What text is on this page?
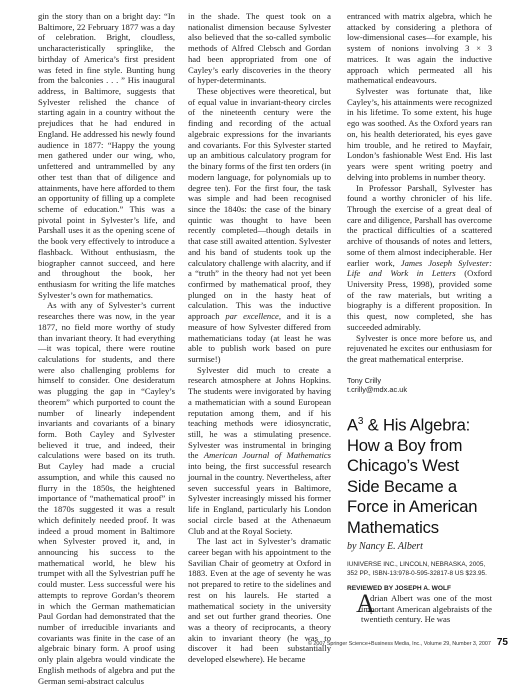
gin the story than on a bright day: “In Baltimore, 22 February 1877 was a day of celebration. Bright, cloudless, uncharacteristically springlike, the birthday of America’s first president was feted in fine style. Bunting hung from the balconies . . . ” His inaugural address, in Baltimore, suggests that Sylvester relished the chance of starting again in a country without the prejudices that he had endured in England. He addressed his newly found audience in 1877: “Happy the young men gathered under our wing, who, unfettered and untrammelled by any other test than that of diligence and attainments, have here afforded to them an opportunity of filling up a complete scheme of education.” This was a pivotal point in Sylvester’s life, and Parshall uses it as the opening scene of the book very effectively to introduce a flashback. Without enthusiasm, the biographer cannot succeed, and here and throughout the book, her enthusiasm for writing the life matches Sylvester’s own for mathematics.

As with any of Sylvester’s current researches there was now, in the year 1877, no field more worthy of study than invariant theory. It had everything—it was topical, there were routine calculations for students, and there were also challenging problems for himself to consider. One desideratum was plugging the gap in “Cayley’s theorem” which purported to count the number of linearly independent invariants and covariants of a binary form. Both Cayley and Sylvester believed it true, and indeed, their calculations were based on its truth. But Cayley had made a crucial assumption, and while this caused no flurry in the 1850s, the heightened importance of “mathematical proof” in the 1870s suggested it was a result which definitely needed proof. It was indeed a proud moment in Baltimore when Sylvester proved it, and, in announcing his success to the mathematical world, he blew his trumpet with all the Sylvestrian puff he could muster. Less successful were his attempts to reprove Gordan’s theorem in which the German mathematician Paul Gordan had demonstrated that the number of irreducible invariants and covariants was finite in the case of an algebraic binary form. A proof using only plain algebra would vindicate the English methods of algebra and put the German semi-abstract calculus

in the shade. The quest took on a nationalist dimension because Sylvester also believed that the so-called symbolic methods of Alfred Clebsch and Gordan had been appropriated from one of Cayley’s early discoveries in the theory of hyper-determinants.

These objectives were theoretical, but of equal value in invariant-theory circles of the nineteenth century were the finding and recording of the actual algebraic expressions for the invariants and covariants. For this Sylvester started up an ambitious calculatory program for the binary forms of the first ten orders (in modern language, for polynomials up to degree ten). For the first four, the task was simple and had been recognised since the 1840s: the case of the binary quintic was thought to have been recently completed—though details in that case still awaited attention. Sylvester and his band of students took up the calculatory challenge with alacrity, and if a “truth” in the theory had not yet been confirmed by mathematical proof, they plunged on in the hasty heat of calculation. This was the inductive approach par excellence, and it is a measure of how Sylvester differed from mathematicians today (at least he was able to publish work based on pure surmise!)

Sylvester did much to create a research atmosphere at Johns Hopkins. The students were invigorated by having a mathematician with a sound European reputation among them, and if his teaching methods were idiosyncratic, still, he was a stimulating presence. Sylvester was instrumental in bringing the American Journal of Mathematics into being, the first successful research journal in the country. Nevertheless, after seven successful years in Baltimore, Sylvester increasingly missed his former life in England, particularly his London social circle based at the Athenaeum Club and at the Royal Society.

The last act in Sylvester’s dramatic career began with his appointment to the Savilian Chair of geometry at Oxford in 1883. Even at the age of seventy he was not prepared to retire to the sidelines and rest on his laurels. He started a mathematical society in the university and set out further grand theories. One was a theory of reciprocants, a theory akin to invariant theory (he was to discover it had been substantially developed elsewhere). He became

entranced with matrix algebra, which he attacked by considering a plethora of low-dimensional cases—for example, his system of nonions involving 3 × 3 matrices. It was again the inductive approach which permeated all his mathematical endeavours.

Sylvester was fortunate that, like Cayley’s, his attainments were recognized in his lifetime. To some extent, his huge ego was soothed. As the Oxford years ran on, his health deteriorated, his eyes gave him trouble, and he retired to Mayfair, London’s fashionable West End. His last years were spent writing poetry and delving into problems in number theory.

In Professor Parshall, Sylvester has found a worthy chronicler of his life. Through the exercise of a great deal of care and diligence, Parshall has overcome the practical difficulties of a scattered archive of thousands of notes and letters, some of them almost indecipherable. Her earlier work, James Joseph Sylvester: Life and Work in Letters (Oxford University Press, 1998), provided some of the raw materials, but writing a biography is a different proposition. In this quest, now completed, she has succeeded admirably.

Sylvester is once more before us, and rejuvenated he excites our enthusiasm for the great mathematical enterprise.

Tony Crilly
t.crilly@mdx.ac.uk
$A^3$ & His Algebra: How a Boy from Chicago’s West Side Became a Force in American Mathematics
by Nancy E. Albert
IUNIVERSE INC., LINCOLN, NEBRASKA, 2005,
352 PP., ISBN-13:978-0-595-32817-8 US $23.95.
REVIEWED BY JOSEPH A. WOLF

A
drian Albert was one of the most important American algebraists of the twentieth century. He was

© 2007 Springer Science+Business Media, Inc., Volume 29, Number 3, 2007 75
